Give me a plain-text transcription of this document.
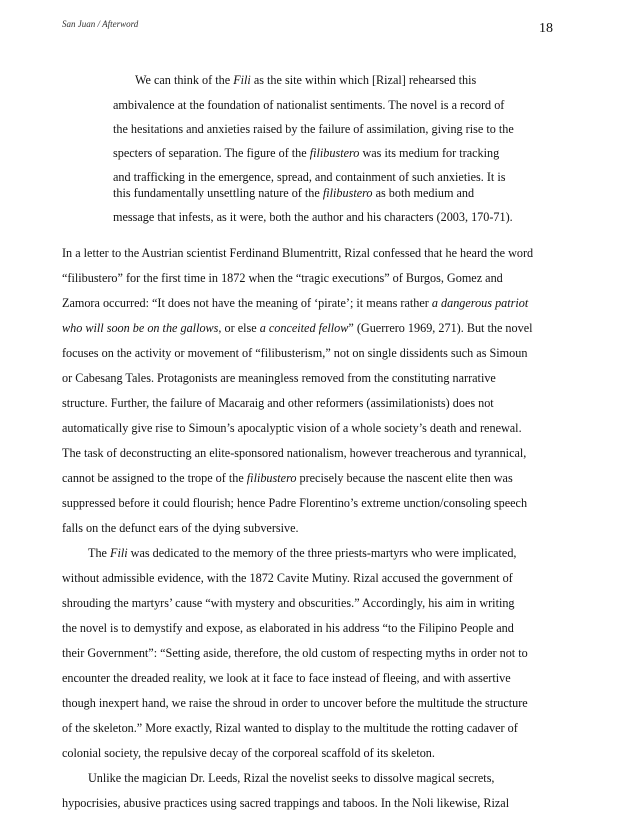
San Juan / Afterword	18
We can think of the Fili as the site within which [Rizal] rehearsed this
ambivalence at the foundation of nationalist sentiments. The novel is a record of
the hesitations and anxieties raised by the failure of assimilation, giving rise to the
specters of separation. The figure of the filibustero was its medium for tracking
and trafficking in the emergence, spread, and containment of such anxieties. It is
this fundamentally unsettling nature of the filibustero as both medium and
message that infests, as it were, both the author and his characters (2003, 170-71).
In a letter to the Austrian scientist Ferdinand Blumentritt, Rizal confessed that he heard the word
“filibustero” for the first time in 1872 when the “tragic executions” of Burgos, Gomez and
Zamora occurred: “It does not have the meaning of ‘pirate’; it means rather a dangerous patriot
who will soon be on the gallows, or else a conceited fellow” (Guerrero 1969, 271). But the novel
focuses on the activity or movement of “filibusterism,” not on single dissidents such as Simoun
or Cabesang Tales. Protagonists are meaningless removed from the constituting narrative
structure. Further, the failure of Macaraig and other reformers (assimilationists) does not
automatically give rise to Simoun’s apocalyptic vision of a whole society’s death and renewal.
The task of deconstructing an elite-sponsored nationalism, however treacherous and tyrannical,
cannot be assigned to the trope of the filibustero precisely because the nascent elite then was
suppressed before it could flourish; hence Padre Florentino’s extreme unction/consoling speech
falls on the defunct ears of the dying subversive.
The Fili was dedicated to the memory of the three priests-martyrs who were implicated,
without admissible evidence, with the 1872 Cavite Mutiny. Rizal accused the government of
shrouding the martyrs’ cause “with mystery and obscurities.” Accordingly, his aim in writing
the novel is to demystify and expose, as elaborated in his address “to the Filipino People and
their Government”: “Setting aside, therefore, the old custom of respecting myths in order not to
encounter the dreaded reality, we look at it face to face instead of fleeing, and with assertive
though inexpert hand, we raise the shroud in order to uncover before the multitude the structure
of the skeleton.” More exactly, Rizal wanted to display to the multitude the rotting cadaver of
colonial society, the repulsive decay of the corporeal scaffold of its skeleton.
Unlike the magician Dr. Leeds, Rizal the novelist seeks to dissolve magical secrets,
hypocrisies, abusive practices using sacred trappings and taboos. In the Noli likewise, Rizal
